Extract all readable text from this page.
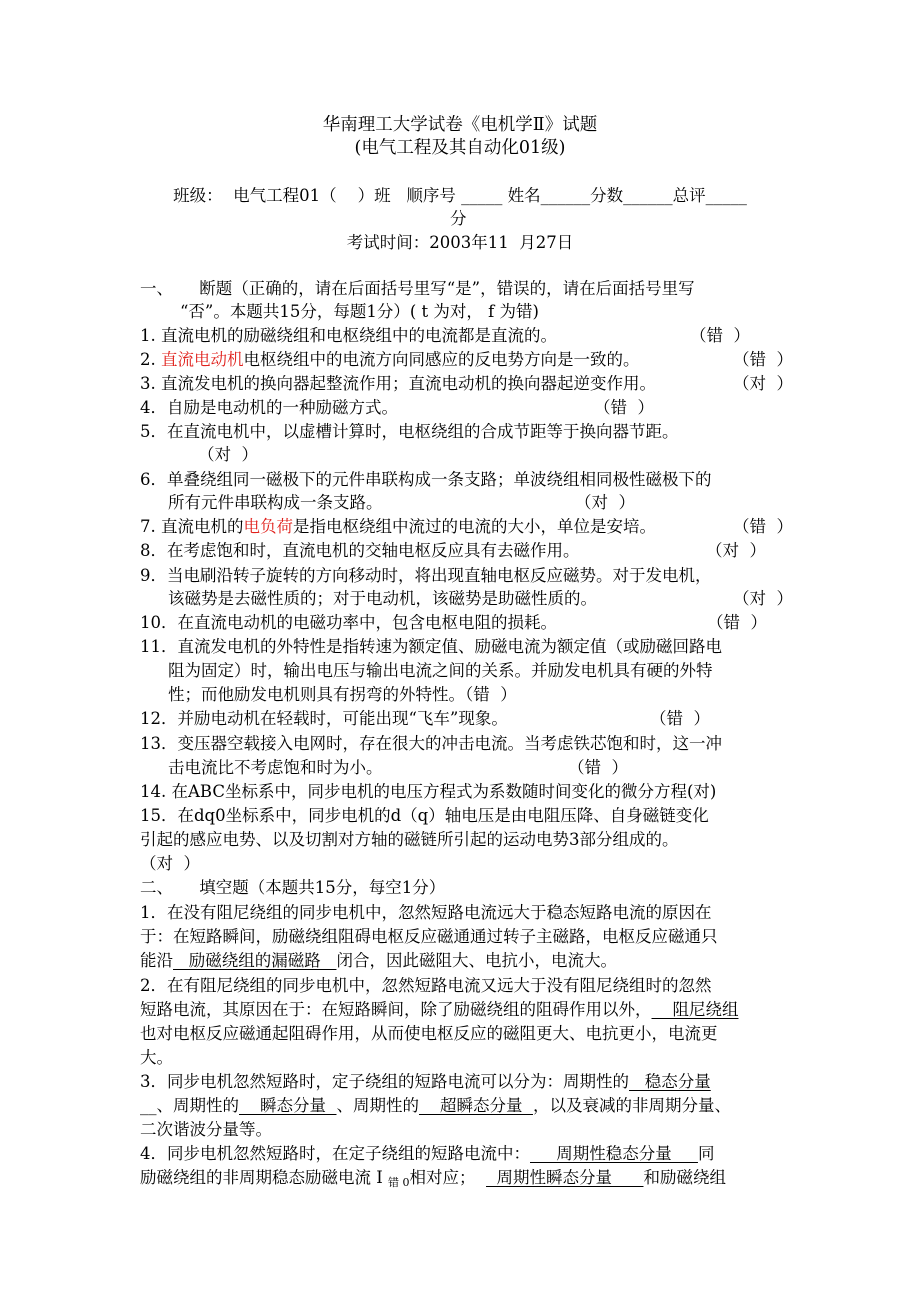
华南理工大学试卷《电机学Ⅱ》试题
(电气工程及其自动化01级)
班级：  电气工程01（    ）班   顺序号 _____ 姓名______分数______总评_____
分
考试时间：2003年11  月27日
一、     断题（正确的，请在后面括号里写“是”，错误的，请在后面括号里写
“否”。本题共15分，每题1分）( t 为对， f 为错)
1. 直流电机的励磁绕组和电枢绕组中的电流都是直流的。	（错  ）
2. 直流电动机电枢绕组中的电流方向同感应的反电势方向是一致的。	（错  ）
3. 直流发电机的换向器起整流作用；直流电动机的换向器起逆变作用。	（对  ）
4．自励是电动机的一种励磁方式。	（错  ）
5．在直流电机中，以虚槽计算时，电枢绕组的合成节距等于换向器节距。
（对  ）
6．单叠绕组同一磁极下的元件串联构成一条支路；单波绕组相同极性磁极下的
所有元件串联构成一条支路。	（对  ）
7. 直流电机的电负荷是指电枢绕组中流过的电流的大小，单位是安培。	（错  ）
8．在考虑饱和时，直流电机的交轴电枢反应具有去磁作用。	（对  ）
9．当电刷沿转子旋转的方向移动时，将出现直轴电枢反应磁势。对于发电机，
该磁势是去磁性质的；对于电动机，该磁势是助磁性质的。	（对  ）
10．在直流电动机的电磁功率中，包含电枢电阻的损耗。	（错  ）
11．直流发电机的外特性是指转速为额定值、励磁电流为额定值（或励磁回路电
阻为固定）时，输出电压与输出电流之间的关系。并励发电机具有硬的外特
性；而他励发电机则具有拐弯的外特性。（错  ）
12．并励电动机在轻载时，可能出现“飞车”现象。	（错  ）
13．变压器空载接入电网时，存在很大的冲击电流。当考虑铁芯饱和时，这一冲
击电流比不考虑饱和时为小。	（错  ）
14. 在ABC坐标系中，同步电机的电压方程式为系数随时间变化的微分方程(对)
15．在dq0坐标系中，同步电机的d（q）轴电压是由电阻压降、自身磁链变化
引起的感应电势、以及切割对方轴的磁链所引起的运动电势3部分组成的。
（对  ）
二、     填空题（本题共15分，每空1分）
1．在没有阻尼绕组的同步电机中，忽然短路电流远大于稳态短路电流的原因在
于：在短路瞬间，励磁绕组阻碍电枢反应磁通通过转子主磁路，电枢反应磁通只
能沿   励磁绕组的漏磁路   闭合，因此磁阻大、电抗小，电流大。
2．在有阻尼绕组的同步电机中，忽然短路电流又远大于没有阻尼绕组时的忽然
短路电流，其原因在于：在短路瞬间，除了励磁绕组的阻碍作用以外，    阻尼绕组
也对电枢反应磁通起阻碍作用，从而使电枢反应的磁阻更大、电抗更小，电流更
大。
3．同步电机忽然短路时，定子绕组的短路电流可以分为：周期性的   稳态分量
__、周期性的    瞬态分量  、周期性的    超瞬态分量  ，以及衰减的非周期分量、
二次谐波分量等。
4．同步电机忽然短路时，在定子绕组的短路电流中：     周期性稳态分量     同
励磁绕组的非周期稳态励磁电流 I $_{错 0}$相对应；    周期性瞬态分量      和励磁绕组
